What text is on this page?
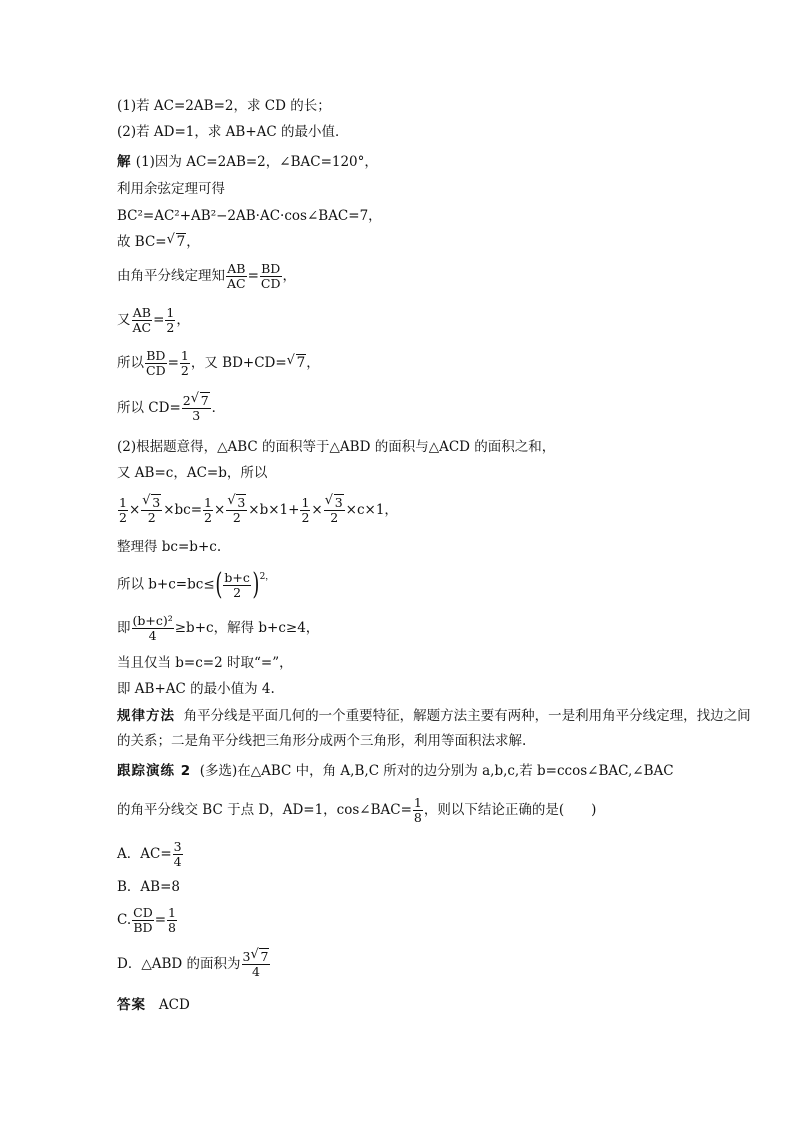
(1)若 AC=2AB=2，求 CD 的长；
(2)若 AD=1，求 AB+AC 的最小值．
解 (1)因为 AC=2AB=2，∠BAC=120°，
利用余弦定理可得
BC²=AC²+AB²−2AB·AC·cos∠BAC=7，
故 BC= √ 7，
由角平分线定理知 $\frac{AB}{AC} = \frac{BD}{CD}$ ，
又 $\frac{AB}{AC} = \frac{1}{2}$ ，
所以 $\frac{BD}{CD} = \frac{1}{2}$ ，又 BD+CD= √ 7，
所以 $CD= \frac{2 √ 7}{3}$ ．
(2)根据题意得，△ABC 的面积等于△ABD 的面积与△ACD 的面积之和，
又 AB=c，AC=b，所以
$\frac{1}{2} \times \frac{√ 3}{2} \times bc= \frac{1}{2} \times \frac{√ 3}{2} \times b\times 1+ \frac{1}{2} \times \frac{√ 3}{2} \times c\times 1$，
整理得 bc=b+c.
所以 $b+c=bc\le( \frac{b+c}{2} )^{2,}$
即 $\frac{\text{(b+c)²}}{4} \ge b+c$，解得 b+c≥4，
当且仅当 b=c=2 时取“=”，
即 AB+AC 的最小值为 4.
规律方法 角平分线是平面几何的一个重要特征，解题方法主要有两种，一是利用角平分线定理，找边之间的关系；二是角平分线把三角形分成两个三角形，利用等面积法求解.
跟踪演练 2 (多选)在△ABC 中，角 A,B,C 所对的边分别为 a,b,c,若 b=ccos∠BAC,∠BAC
的角平分线交 BC 于点 D，AD=1，cos∠BAC= $\frac{1}{8}$ ，则以下结论正确的是(　　)
A．$AC= \frac{3}{4}$
B．AB=8
C. $\frac{CD}{BD} = \frac{1}{8}$
D．△ABD 的面积为 $\frac{3 √ 7}{4}$
答案 ACD
